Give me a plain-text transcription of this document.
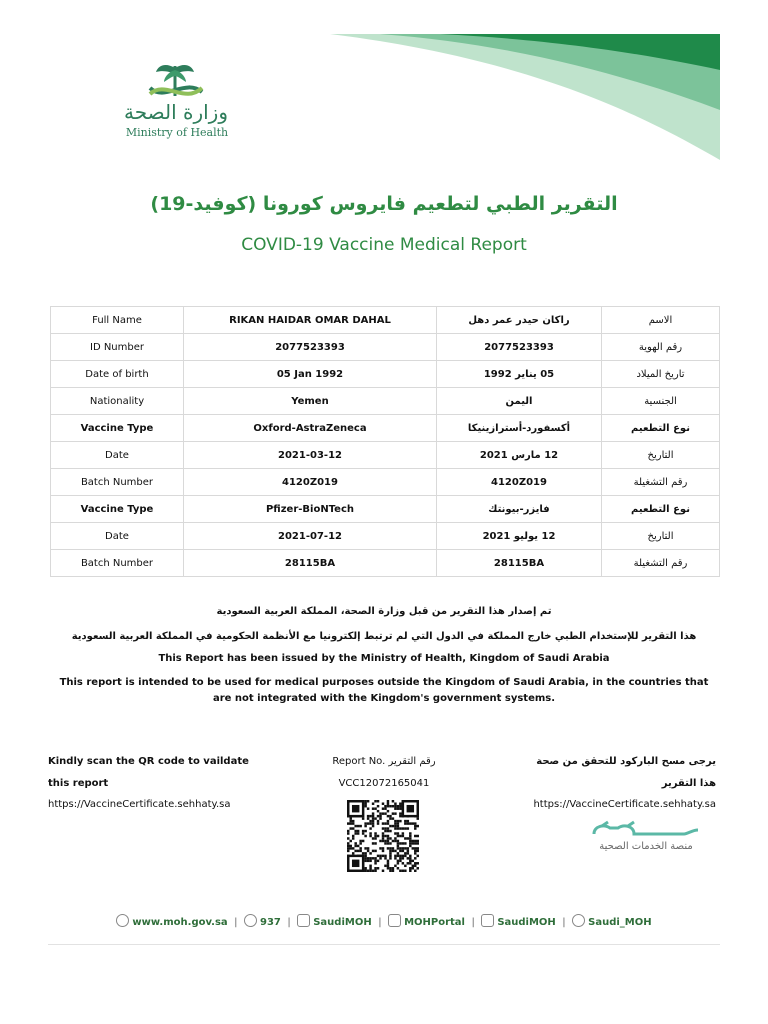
وزارة الصحة
Ministry of Health
التقرير الطبي لتطعيم فايروس كورونا (كوفيد-19)
COVID-19 Vaccine Medical Report
Full Name	RIKAN HAIDAR OMAR DAHAL	راكان حيدر عمر دهل	الاسم
ID Number	2077523393	2077523393	رقم الهوية
Date of birth	05 Jan 1992	05 يناير 1992	تاريخ الميلاد
Nationality	Yemen	اليمن	الجنسية
Vaccine Type	Oxford-AstraZeneca	أكسفورد-أسترازينيكا	نوع التطعيم
Date	2021-03-12	12 مارس 2021	التاريخ
Batch Number	4120Z019	4120Z019	رقم التشغيلة
Vaccine Type	Pfizer-BioNTech	فايزر-بيونتك	نوع التطعيم
Date	2021-07-12	12 يوليو 2021	التاريخ
Batch Number	28115BA	28115BA	رقم التشغيلة
تم إصدار هذا التقرير من قبل وزارة الصحة، المملكة العربية السعودية
هذا التقرير للإستخدام الطبي خارج المملكة في الدول التي لم ترتبط إلكترونيا مع الأنظمة الحكومية في المملكة العربية السعودية
This Report has been issued by the Ministry of Health, Kingdom of Saudi Arabia
This report is intended to be used for medical purposes outside the Kingdom of Saudi Arabia, in the countries that are not integrated with the Kingdom's government systems.
Kindly scan the QR code to vaildate
this report
https://VaccineCertificate.sehhaty.sa
Report No. رقم التقرير
VCC12072165041
يرجى مسح الباركود للتحقق من صحة
هذا التقرير
https://VaccineCertificate.sehhaty.sa
منصة الخدمات الصحية
www.moh.gov.sa | 937 | SaudiMOH | MOHPortal | SaudiMOH | Saudi_MOH
